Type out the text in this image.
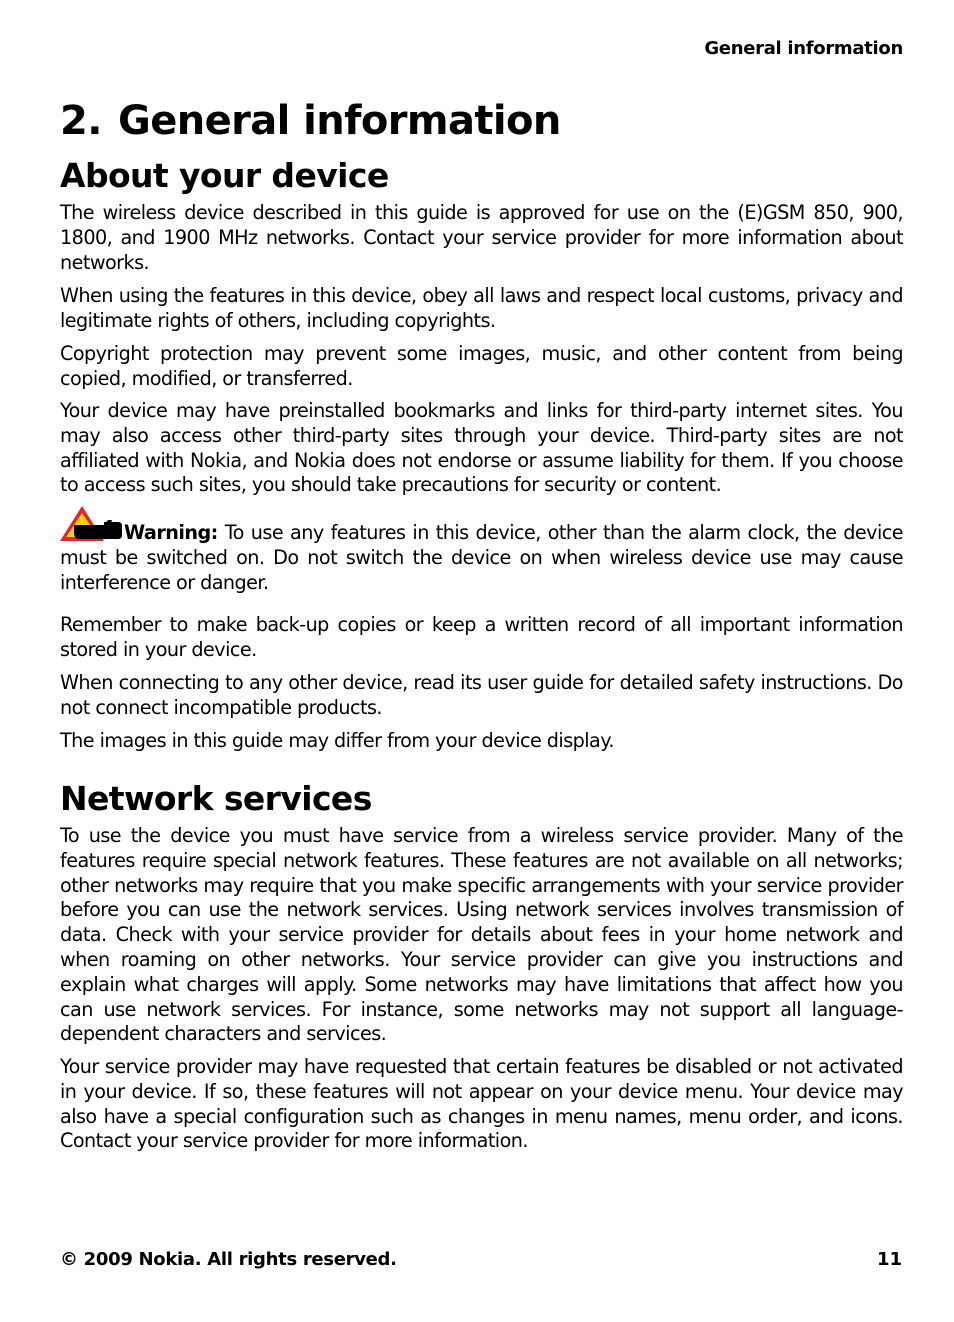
General information
2. General information
About your device

The wireless device described in this guide is approved for use on the (E)GSM 850, 900, 1800, and 1900 MHz networks. Contact your service provider for more information about networks.

When using the features in this device, obey all laws and respect local customs, privacy and legitimate rights of others, including copyrights.

Copyright protection may prevent some images, music, and other content from being copied, modified, or transferred.

Your device may have preinstalled bookmarks and links for third-party internet sites. You may also access other third-party sites through your device. Third-party sites are not affiliated with Nokia, and Nokia does not endorse or assume liability for them. If you choose to access such sites, you should take precautions for security or content.

Warning: To use any features in this device, other than the alarm clock, the device must be switched on. Do not switch the device on when wireless device use may cause interference or danger.

Remember to make back-up copies or keep a written record of all important information stored in your device.

When connecting to any other device, read its user guide for detailed safety instructions. Do not connect incompatible products.

The images in this guide may differ from your device display.

Network services

To use the device you must have service from a wireless service provider. Many of the features require special network features. These features are not available on all networks; other networks may require that you make specific arrangements with your service provider before you can use the network services. Using network services involves transmission of data. Check with your service provider for details about fees in your home network and when roaming on other networks. Your service provider can give you instructions and explain what charges will apply. Some networks may have limitations that affect how you can use network services. For instance, some networks may not support all language-dependent characters and services.

Your service provider may have requested that certain features be disabled or not activated in your device. If so, these features will not appear on your device menu. Your device may also have a special configuration such as changes in menu names, menu order, and icons. Contact your service provider for more information.

© 2009 Nokia. All rights reserved.	11
